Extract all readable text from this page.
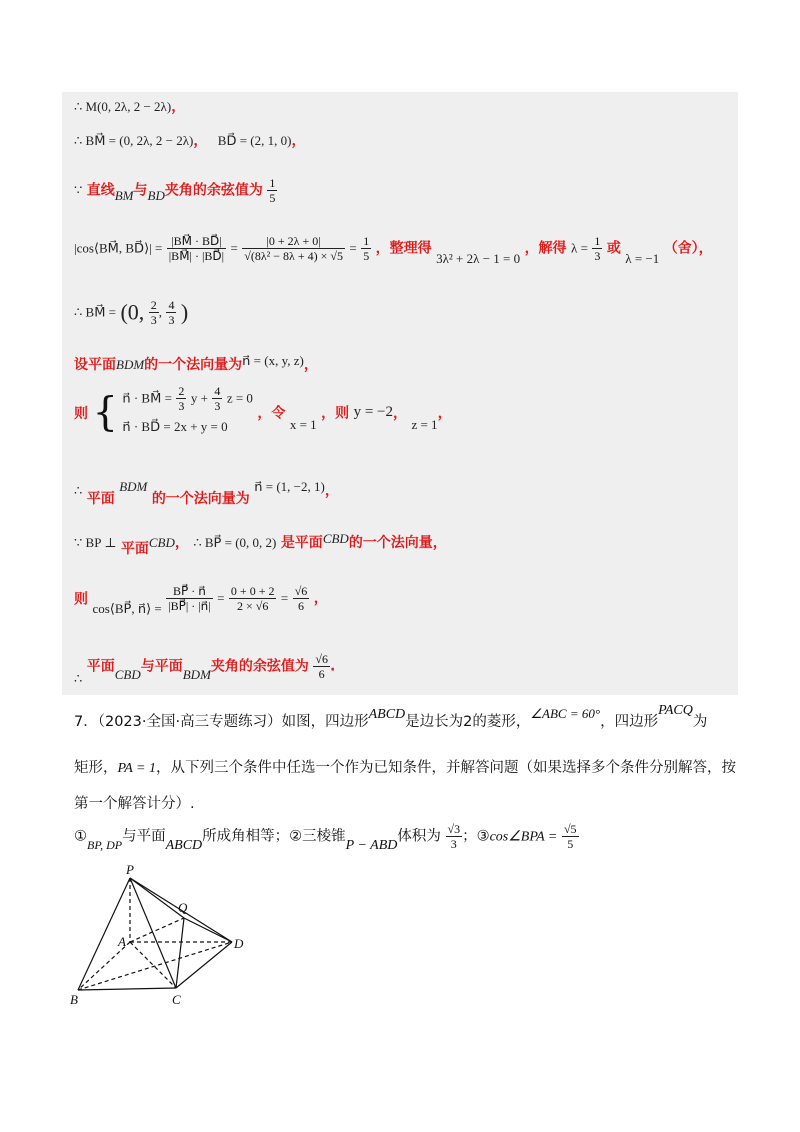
∴ M(0, 2λ, 2 − 2λ)，
∴ BM⃗ = (0, 2λ, 2 − 2λ)， BD⃗ = (2, 1, 0)，
∵ 直线BM与BD夹角的余弦值为 $\frac{1}{5}$
|cos⟨BM⃗, BD⃗⟩| = $\frac{|BM⃗ \cdot BD⃗|}{|BM⃗| \cdot |BD⃗|} = \frac{|0 + 2\lambda + 0|}{\text{√(8λ² − 8λ + 4) × √5}} = \frac{1}{5}$ ，整理得 3λ² + 2λ − 1 = 0 ，解得 $\lambda = \frac{1}{3}$ 或 λ = −1 （舍），
∴ BM⃗ = (0, $\frac{2}{3}$ , $\frac{4}{3}$ )
设平面BDM的一个法向量为n⃗ = (x, y, z)，
则 { n⃗ · BM⃗ = $\frac{2}{3}$ $y + \frac{4}{3}$ z = 0
n⃗ · BD⃗ = 2x + y = 0
，令 x = 1 ，则 y = −2， z = 1，
∴ 平面 BDM 的一个法向量为 n⃗ = (1, −2, 1)，
∵ BP ⊥ 平面CBD， ∴ BP⃗ = (0, 0, 2) 是平面CBD的一个法向量，
则 cos⟨BP⃗, n⃗⟩ = $\frac{BP⃗ \cdot n⃗}{|BP⃗| \cdot |n⃗|} = \frac{0 + 0 + 2}{2 \times √6} = \frac{√6}{6}$ ，
∴ 平面CBD与平面BDM夹角的余弦值为 $\frac{√6}{6}$ .
7．（2023·全国·高三专题练习）如图，四边形ABCD是边长为2的菱形，∠ABC = 60°，四边形PACQ为
矩形，PA = 1，从下列三个条件中任选一个作为已知条件，并解答问题（如果选择多个条件分别解答，按
第一个解答计分）.
$①_{BP, DP}$与平面ABCD所成角相等；②三棱锥P − ABD体积为 $\frac{√3}{3}$ ；③cos∠BPA = $\frac{√5}{5}$
P
Q
A	D
B	C
